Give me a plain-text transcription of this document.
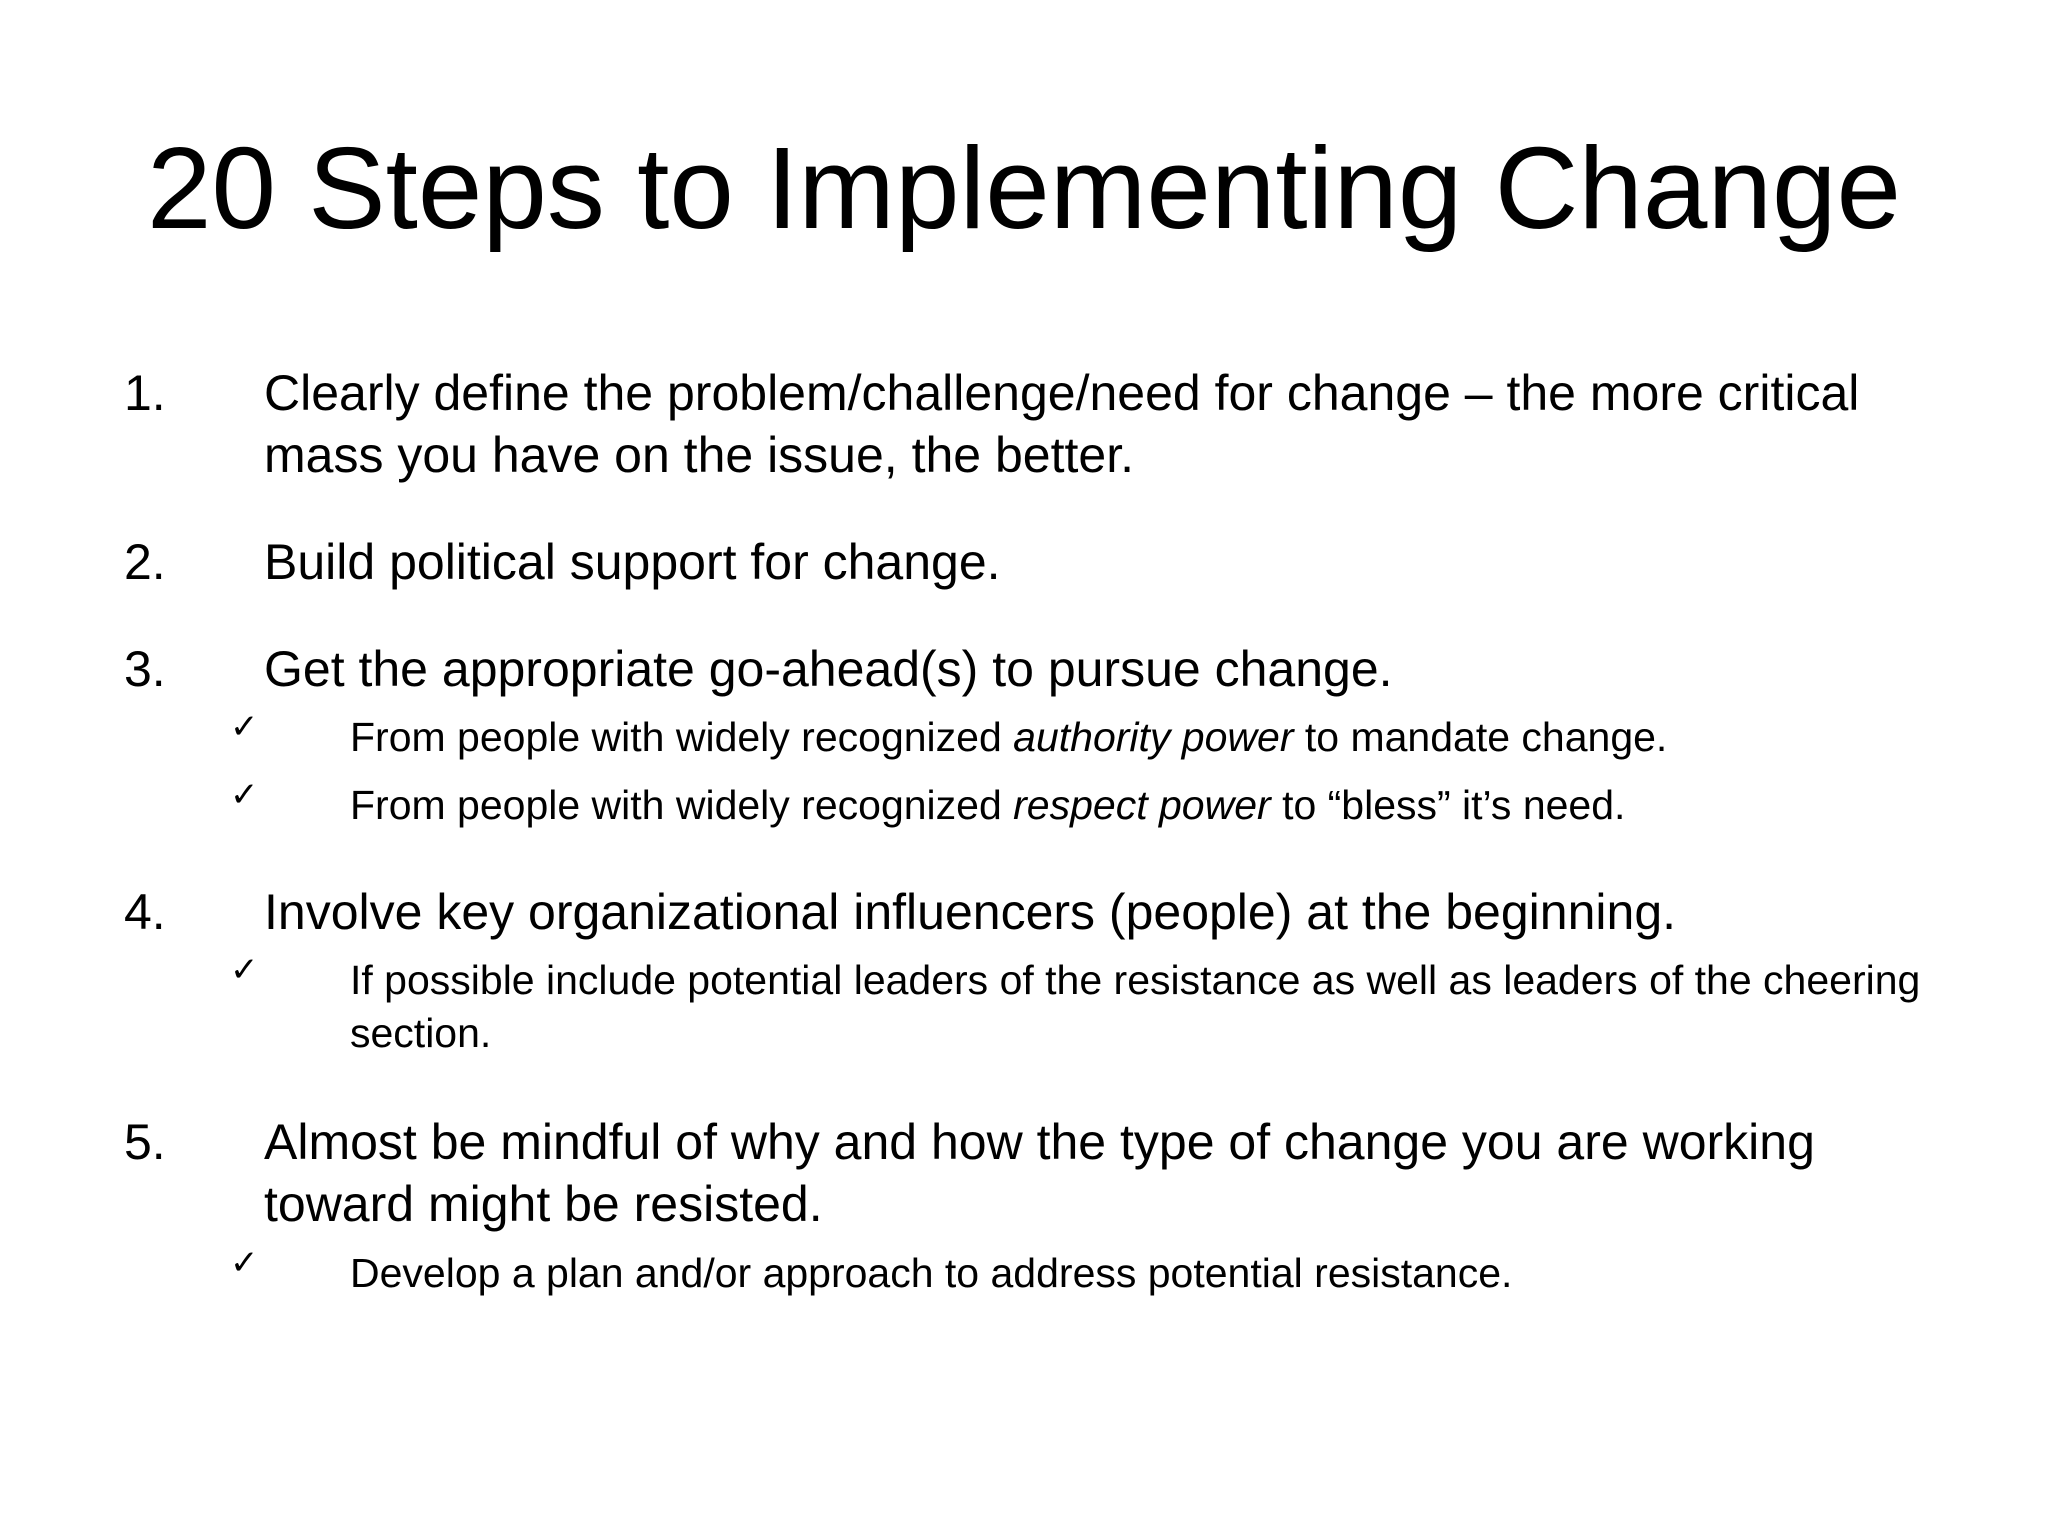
20 Steps to Implementing Change
1. Clearly define the problem/challenge/need for change – the more critical mass you have on the issue, the better.
2. Build political support for change.
3. Get the appropriate go-ahead(s) to pursue change.
✓ From people with widely recognized authority power to mandate change.
✓ From people with widely recognized respect power to “bless” it’s need.
4. Involve key organizational influencers (people) at the beginning.
✓ If possible include potential leaders of the resistance as well as leaders of the cheering section.
5. Almost be mindful of why and how the type of change you are working toward might be resisted.
✓ Develop a plan and/or approach to address potential resistance.
